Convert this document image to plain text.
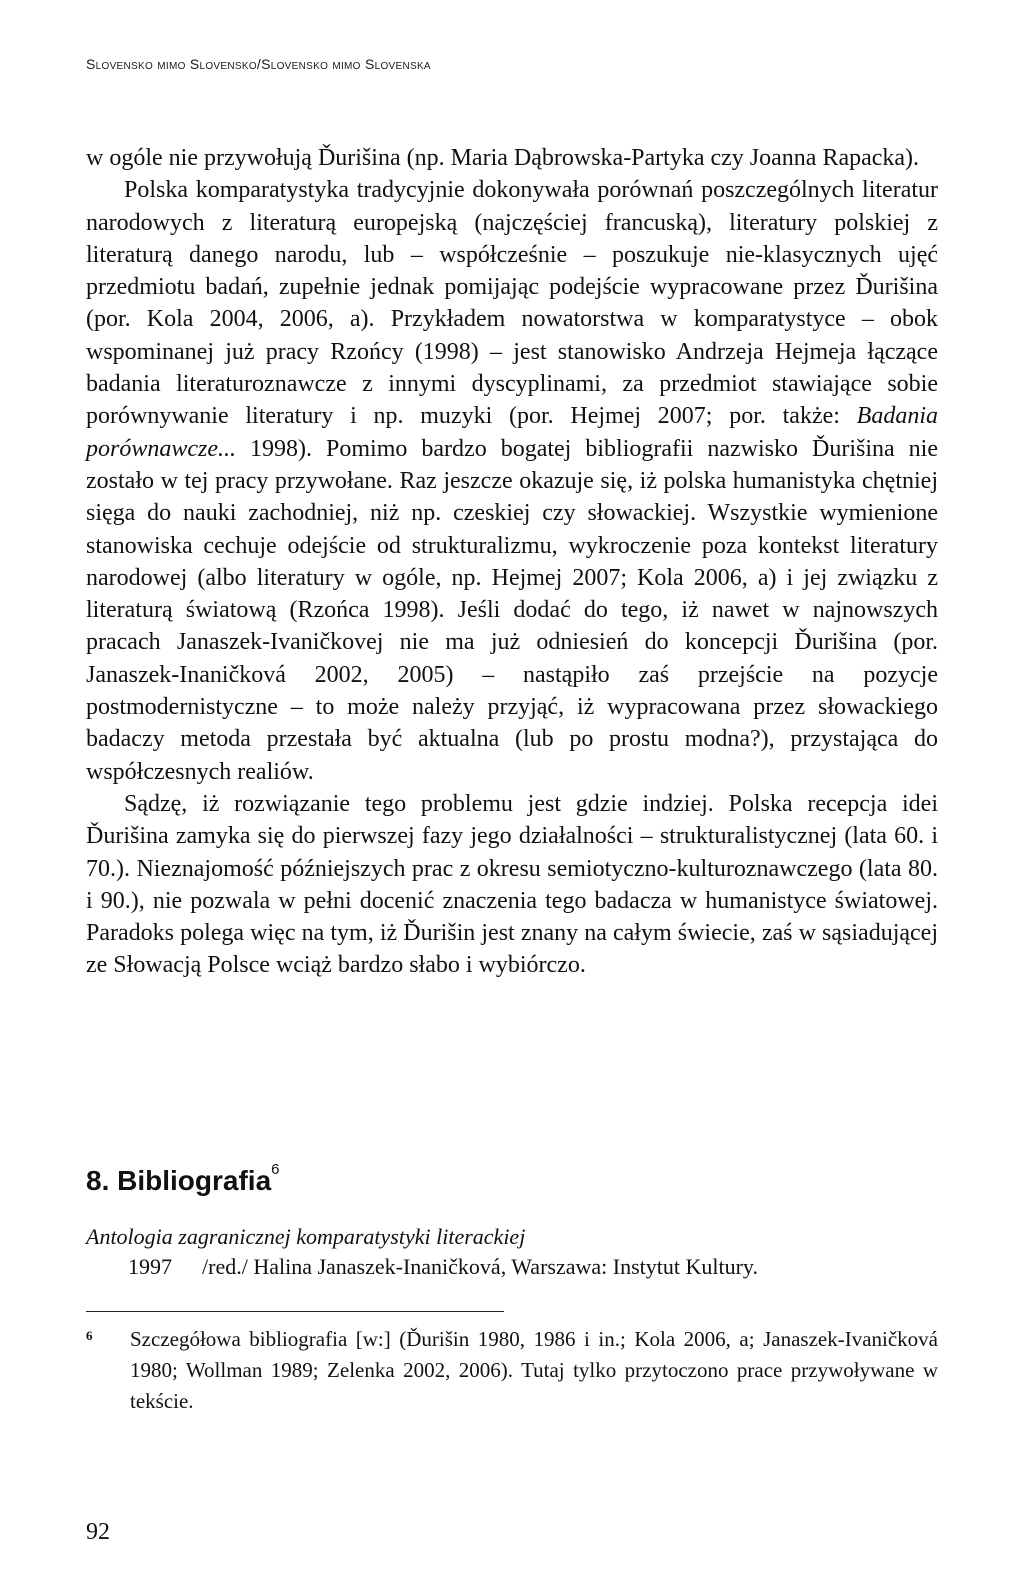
Slovensko mimo Slovensko/Slovensko mimo Slovenska

w ogóle nie przywołują Ďurišina (np. Maria Dąbrowska-Partyka czy Joanna Rapacka).

Polska komparatystyka tradycyjnie dokonywała porównań poszczególnych literatur narodowych z literaturą europejską (najczęściej francuską), literatury polskiej z literaturą danego narodu, lub – współcześnie – poszukuje nie-klasycznych ujęć przedmiotu badań, zupełnie jednak pomijając podejście wypracowane przez Ďurišina (por. Kola 2004, 2006, a). Przykładem nowatorstwa w komparatystyce – obok wspominanej już pracy Rzońcy (1998) – jest stanowisko Andrzeja Hejmeja łączące badania literaturoznawcze z innymi dyscyplinami, za przedmiot stawiające sobie porównywanie literatury i np. muzyki (por. Hejmej 2007; por. także: Badania porównawcze... 1998). Pomimo bardzo bogatej bibliografii nazwisko Ďurišina nie zostało w tej pracy przywołane. Raz jeszcze okazuje się, iż polska humanistyka chętniej sięga do nauki zachodniej, niż np. czeskiej czy słowackiej. Wszystkie wymienione stanowiska cechuje odejście od strukturalizmu, wykroczenie poza kontekst literatury narodowej (albo literatury w ogóle, np. Hejmej 2007; Kola 2006, a) i jej związku z literaturą światową (Rzońca 1998). Jeśli dodać do tego, iż nawet w najnowszych pracach Janaszek-Ivaničkovej nie ma już odniesień do koncepcji Ďurišina (por. Janaszek-Inaničková 2002, 2005) – nastąpiło zaś przejście na pozycje postmodernistyczne – to może należy przyjąć, iż wypracowana przez słowackiego badaczy metoda przestała być aktualna (lub po prostu modna?), przystająca do współczesnych realiów.

Sądzę, iż rozwiązanie tego problemu jest gdzie indziej. Polska recepcja idei Ďurišina zamyka się do pierwszej fazy jego działalności – strukturalistycznej (lata 60. i 70.). Nieznajomość późniejszych prac z okresu semiotyczno-kulturoznawczego (lata 80. i 90.), nie pozwala w pełni docenić znaczenia tego badacza w humanistyce światowej. Paradoks polega więc na tym, iż Ďurišin jest znany na całym świecie, zaś w sąsiadującej ze Słowacją Polsce wciąż bardzo słabo i wybiórczo.

8. Bibliografia$^6$
Antologia zagranicznej komparatystyki literackiej
1997 /red./ Halina Janaszek-Inaničková, Warszawa: Instytut Kultury.
6 Szczegółowa bibliografia [w:] (Ďurišin 1980, 1986 i in.; Kola 2006, a; Janaszek-Ivaničková 1980; Wollman 1989; Zelenka 2002, 2006). Tutaj tylko przytoczono prace przywoływane w tekście.
92
